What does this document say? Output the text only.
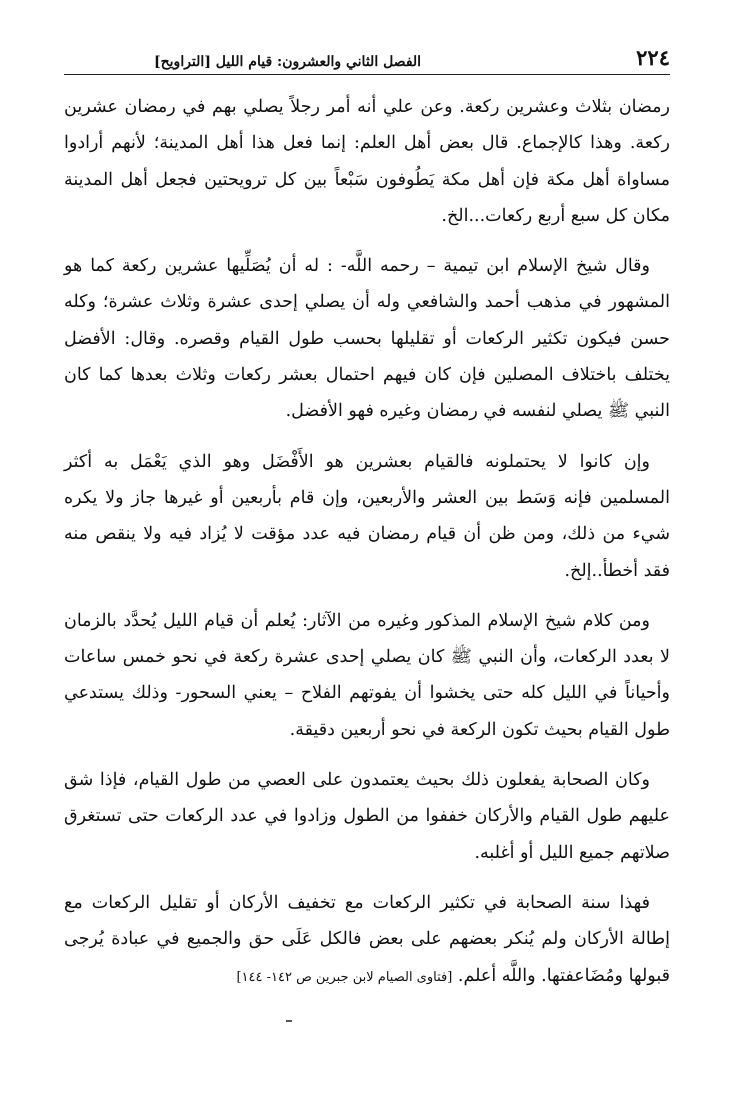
٢٢٤
الفصل الثاني والعشرون: قيام الليل [التراويح]

رمضان بثلاث وعشرين ركعة. وعن علي أنه أمر رجلاً يصلي بهم في رمضان عشرين ركعة. وهذا كالإجماع. قال بعض أهل العلم: إنما فعل هذا أهل المدينة؛ لأنهم أرادوا مساواة أهل مكة فإن أهل مكة يَطُوفون سَبْعاً بين كل ترويحتين فجعل أهل المدينة مكان كل سبع أربع ركعات...الخ.

وقال شيخ الإسلام ابن تيمية – رحمه اللَّه- : له أن يُصَلِّيها عشرين ركعة كما هو المشهور في مذهب أحمد والشافعي وله أن يصلي إحدى عشرة وثلاث عشرة؛ وكله حسن فيكون تكثير الركعات أو تقليلها بحسب طول القيام وقصره. وقال: الأفضل يختلف باختلاف المصلين فإن كان فيهم احتمال بعشر ركعات وثلاث بعدها كما كان النبي ﷺ يصلي لنفسه في رمضان وغيره فهو الأفضل.

وإن كانوا لا يحتملونه فالقيام بعشرين هو الأَفْضَل وهو الذي يَعْمَل به أكثر المسلمين فإنه وَسَط بين العشر والأربعين، وإن قام بأربعين أو غيرها جاز ولا يكره شيء من ذلك، ومن ظن أن قيام رمضان فيه عدد مؤقت لا يُزاد فيه ولا ينقص منه فقد أخطأ..إلخ.

ومن كلام شيخ الإسلام المذكور وغيره من الآثار: يُعلم أن قيام الليل يُحدَّد بالزمان لا بعدد الركعات، وأن النبي ﷺ كان يصلي إحدى عشرة ركعة في نحو خمس ساعات وأحياناً في الليل كله حتى يخشوا أن يفوتهم الفلاح – يعني السحور- وذلك يستدعي طول القيام بحيث تكون الركعة في نحو أربعين دقيقة.

وكان الصحابة يفعلون ذلك بحيث يعتمدون على العصي من طول القيام، فإذا شق عليهم طول القيام والأركان خففوا من الطول وزادوا في عدد الركعات حتى تستغرق صلاتهم جميع الليل أو أغلبه.

فهذا سنة الصحابة في تكثير الركعات مع تخفيف الأركان أو تقليل الركعات مع إطالة الأركان ولم يُنكر بعضهم على بعض فالكل عَلَى حق والجميع في عبادة يُرجى قبولها ومُضَاعفتها. واللَّه أعلم. [فتاوى الصيام لابن جبرين ص ١٤٢- ١٤٤]
